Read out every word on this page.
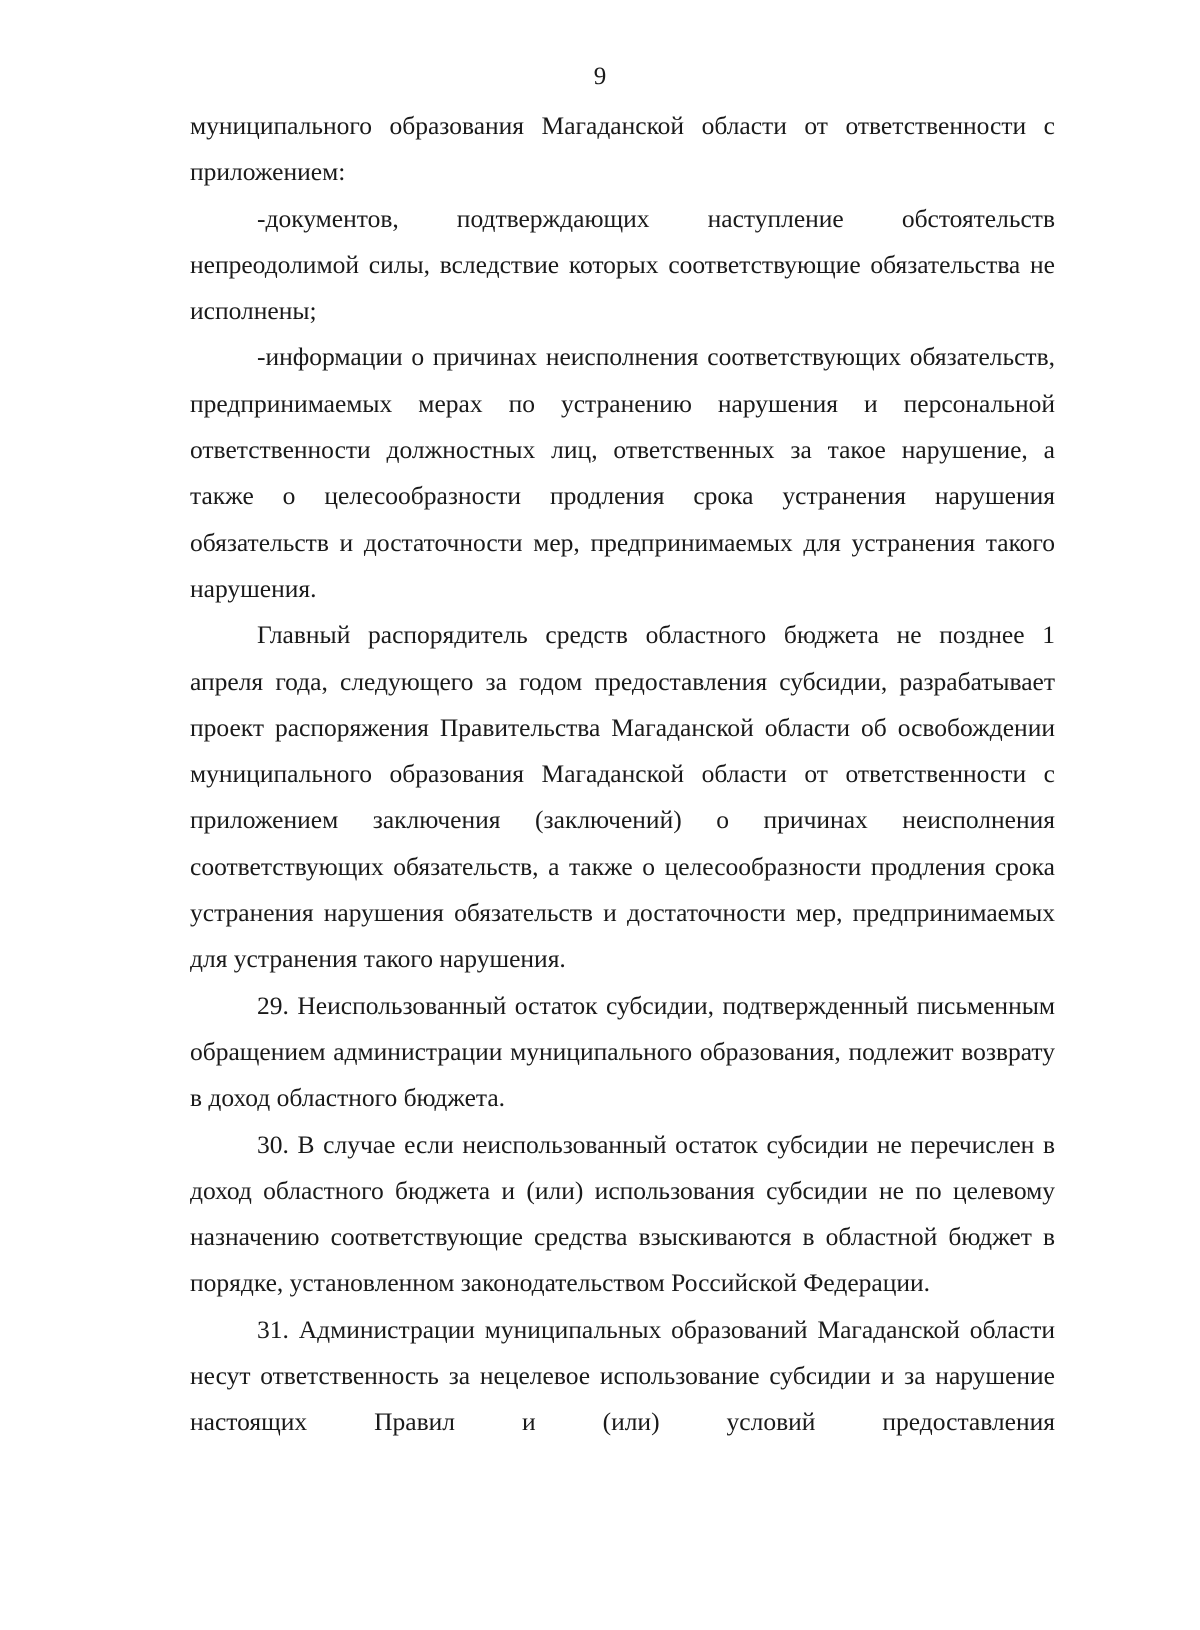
9

муниципального образования Магаданской области от ответственности с приложением:

-документов, подтверждающих наступление обстоятельств непреодолимой силы, вследствие которых соответствующие обязательства не исполнены;

-информации о причинах неисполнения соответствующих обязательств, предпринимаемых мерах по устранению нарушения и персональной ответственности должностных лиц, ответственных за такое нарушение, а также о целесообразности продления срока устранения нарушения обязательств и достаточности мер, предпринимаемых для устранения такого нарушения.

Главный распорядитель средств областного бюджета не позднее 1 апреля года, следующего за годом предоставления субсидии, разрабатывает проект распоряжения Правительства Магаданской области об освобождении муниципального образования Магаданской области от ответственности с приложением заключения (заключений) о причинах неисполнения соответствующих обязательств, а также о целесообразности продления срока устранения нарушения обязательств и достаточности мер, предпринимаемых для устранения такого нарушения.

29. Неиспользованный остаток субсидии, подтвержденный письменным обращением администрации муниципального образования, подлежит возврату в доход областного бюджета.

30. В случае если неиспользованный остаток субсидии не перечислен в доход областного бюджета и (или) использования субсидии не по целевому назначению соответствующие средства взыскиваются в областной бюджет в порядке, установленном законодательством Российской Федерации.

31. Администрации муниципальных образований Магаданской области несут ответственность за нецелевое использование субсидии и за нарушение настоящих Правил и (или) условий предоставления
